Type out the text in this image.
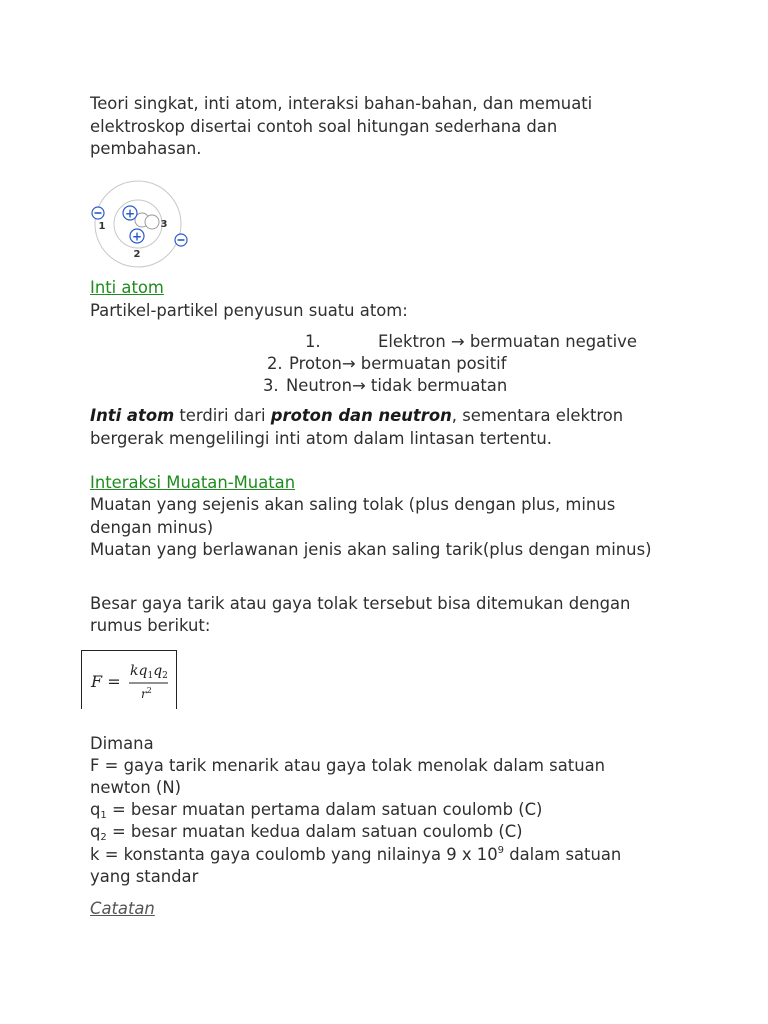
Teori singkat, inti atom, interaksi bahan-bahan, dan memuati elektroskop disertai contoh soal hitungan sederhana dan pembahasan.
+
+
1
2
3
Inti atom
Partikel-partikel penyusun suatu atom:
1.	Elektron → bermuatan negative
2. Proton→ bermuatan positif
3. Neutron→ tidak bermuatan
Inti atom terdiri dari proton dan neutron, sementara elektron
bergerak mengelilingi inti atom dalam lintasan tertentu.
Interaksi Muatan-Muatan
Muatan yang sejenis akan saling tolak (plus dengan plus, minus
dengan minus)
Muatan yang berlawanan jenis akan saling tarik(plus dengan minus)
Besar gaya tarik atau gaya tolak tersebut bisa ditemukan dengan
rumus berikut:
F =
$kq_1q_2$
$r^2$
Dimana
F = gaya tarik menarik atau gaya tolak menolak dalam satuan
newton (N)
$q_1$ = besar muatan pertama dalam satuan coulomb (C)
$q_2$ = besar muatan kedua dalam satuan coulomb (C)
k = konstanta gaya coulomb yang nilainya 9 x $10^9$ dalam satuan
yang standar
Catatan
